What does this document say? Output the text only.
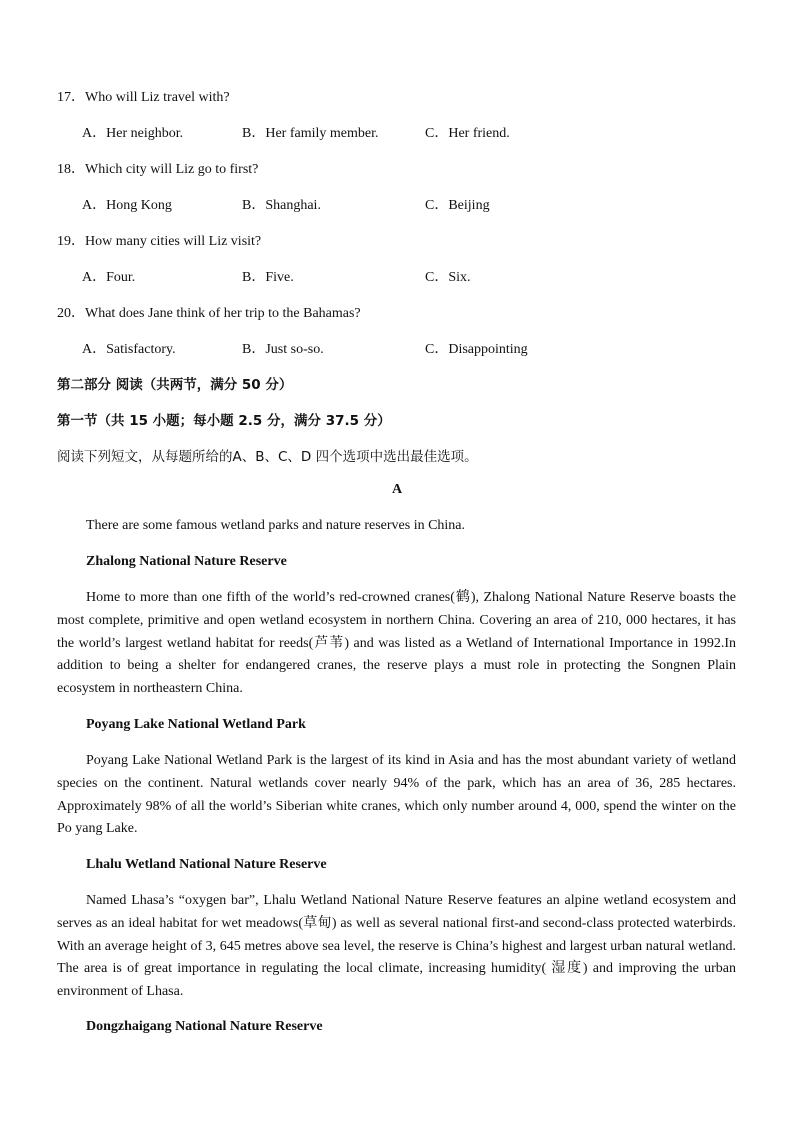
17．Who will Liz travel with?
A．Her neighbor.	B．Her family member.	C．Her friend.
18．Which city will Liz go to first?
A．Hong Kong	B．Shanghai.	C．Beijing
19．How many cities will Liz visit?
A．Four.	B．Five.	C．Six.
20．What does Jane think of her trip to the Bahamas?
A．Satisfactory.	B．Just so-so.	C．Disappointing
第二部分 阅读（共两节，满分 50 分）
第一节（共 15 小题；每小题 2.5 分，满分 37.5 分）
阅读下列短文，从每题所给的A、B、C、D 四个选项中选出最佳选项。
A
There are some famous wetland parks and nature reserves in China.
Zhalong National Nature Reserve
Home to more than one fifth of the world’s red-crowned cranes(鹤), Zhalong National Nature Reserve boasts the most complete, primitive and open wetland ecosystem in northern China. Covering an area of 210, 000 hectares, it has the world’s largest wetland habitat for reeds(芦苇) and was listed as a Wetland of International Importance in 1992.In addition to being a shelter for endangered cranes, the reserve plays a must role in protecting the Songnen Plain ecosystem in northeastern China.
Poyang Lake National Wetland Park
Poyang Lake National Wetland Park is the largest of its kind in Asia and has the most abundant variety of wetland species on the continent. Natural wetlands cover nearly 94% of the park, which has an area of 36, 285 hectares. Approximately 98% of all the world’s Siberian white cranes, which only number around 4, 000, spend the winter on the Po yang Lake.
Lhalu Wetland National Nature Reserve
Named Lhasa’s “oxygen bar”, Lhalu Wetland National Nature Reserve features an alpine wetland ecosystem and serves as an ideal habitat for wet meadows(草甸) as well as several national first-and second-class protected waterbirds. With an average height of 3, 645 metres above sea level, the reserve is China’s highest and largest urban natural wetland. The area is of great importance in regulating the local climate, increasing humidity( 湿度) and improving the urban environment of Lhasa.
Dongzhaigang National Nature Reserve
